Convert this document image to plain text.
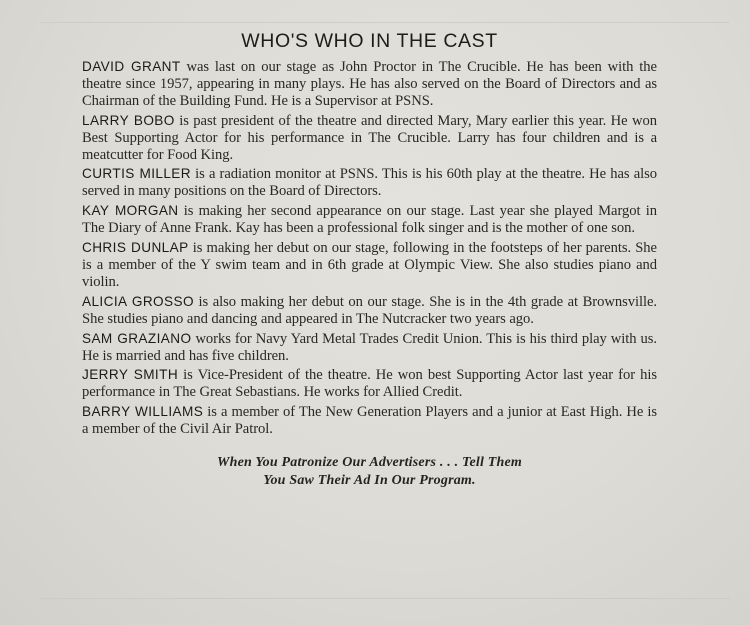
WHO'S WHO IN THE CAST

DAVID GRANT was last on our stage as John Proctor in The Crucible. He has been with the theatre since 1957, appearing in many plays. He has also served on the Board of Directors and as Chairman of the Building Fund. He is a Supervisor at PSNS.

LARRY BOBO is past president of the theatre and directed Mary, Mary earlier this year. He won Best Supporting Actor for his performance in The Crucible. Larry has four children and is a meatcutter for Food King.

CURTIS MILLER is a radiation monitor at PSNS. This is his 60th play at the theatre. He has also served in many positions on the Board of Directors.

KAY MORGAN is making her second appearance on our stage. Last year she played Margot in The Diary of Anne Frank. Kay has been a professional folk singer and is the mother of one son.

CHRIS DUNLAP is making her debut on our stage, following in the footsteps of her parents. She is a member of the Y swim team and in 6th grade at Olympic View. She also studies piano and violin.

ALICIA GROSSO is also making her debut on our stage. She is in the 4th grade at Brownsville. She studies piano and dancing and appeared in The Nutcracker two years ago.

SAM GRAZIANO works for Navy Yard Metal Trades Credit Union. This is his third play with us. He is married and has five children.

JERRY SMITH is Vice-President of the theatre. He won best Supporting Actor last year for his performance in The Great Sebastians. He works for Allied Credit.

BARRY WILLIAMS is a member of The New Generation Players and a junior at East High. He is a member of the Civil Air Patrol.

When You Patronize Our Advertisers . . . Tell Them
You Saw Their Ad In Our Program.
